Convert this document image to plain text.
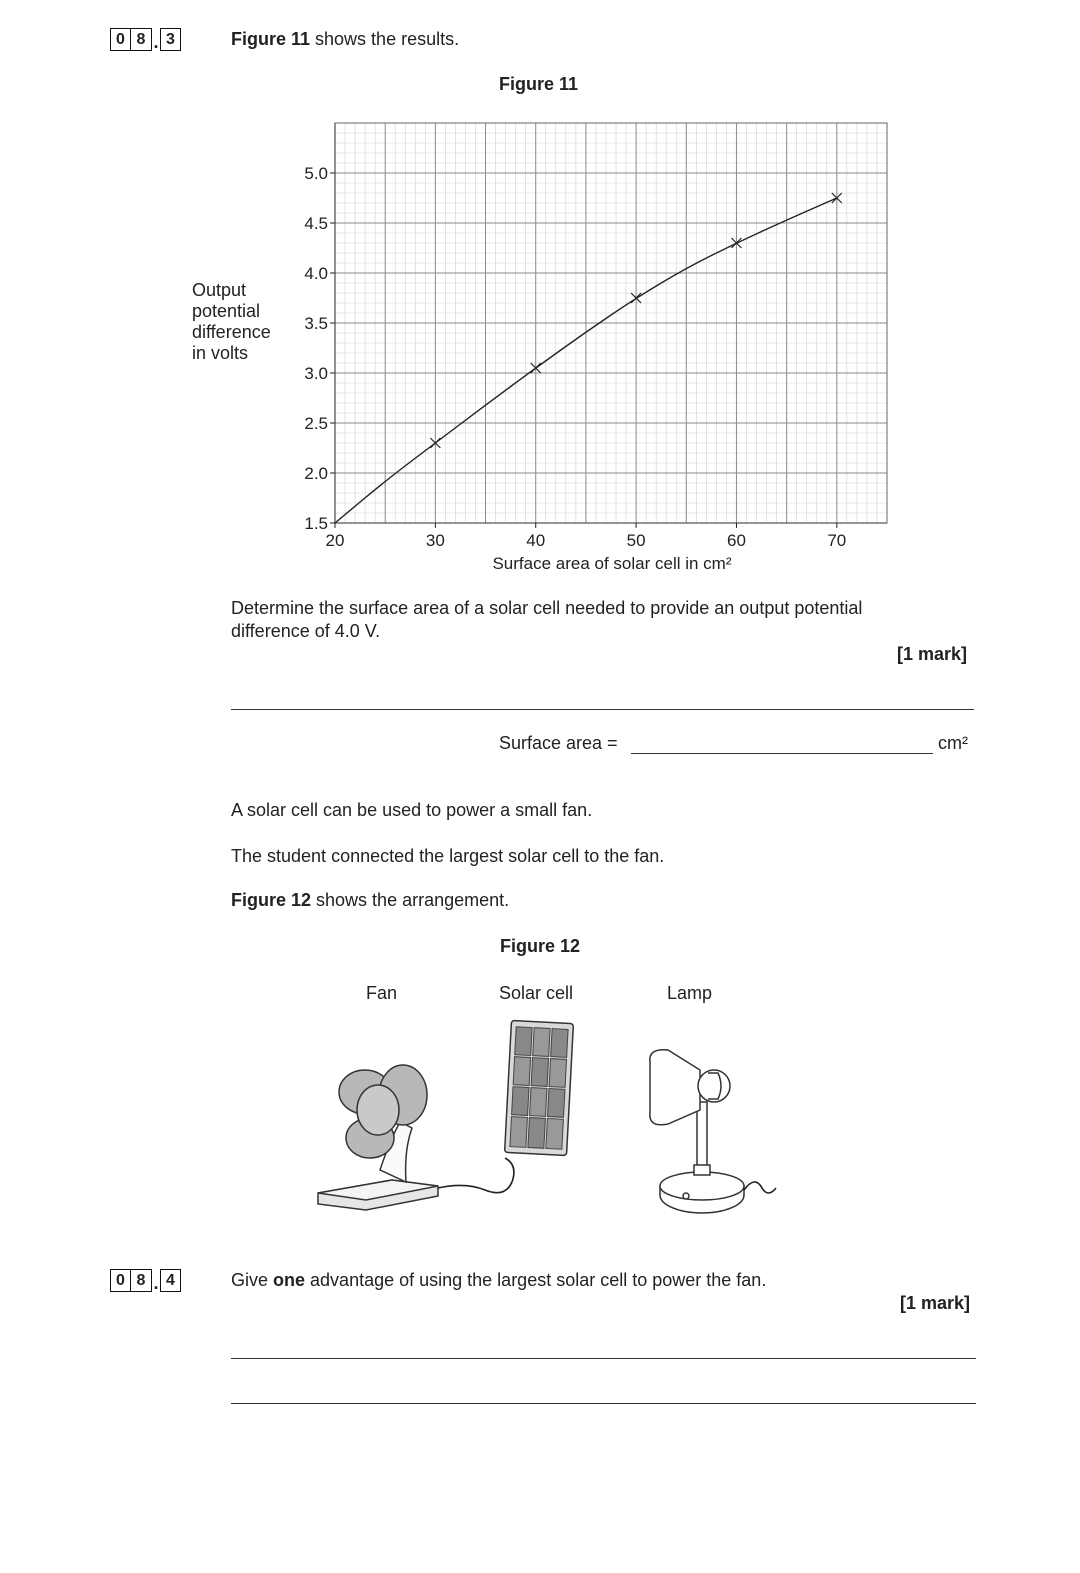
0 8 . 3	Figure 11 shows the results.
Figure 11
Output
potential
difference
in volts
20	30	40	50	60	70
1.5
2.0
2.5
3.0
3.5
4.0
4.5
5.0
Surface area of solar cell in cm²
Determine the surface area of a solar cell needed to provide an output potential difference of 4.0 V.
[1 mark]
Surface area =	cm²
A solar cell can be used to power a small fan.
The student connected the largest solar cell to the fan.
Figure 12 shows the arrangement.
Figure 12
Fan	Solar cell	Lamp
0 8 . 4	Give one advantage of using the largest solar cell to power the fan.
[1 mark]
